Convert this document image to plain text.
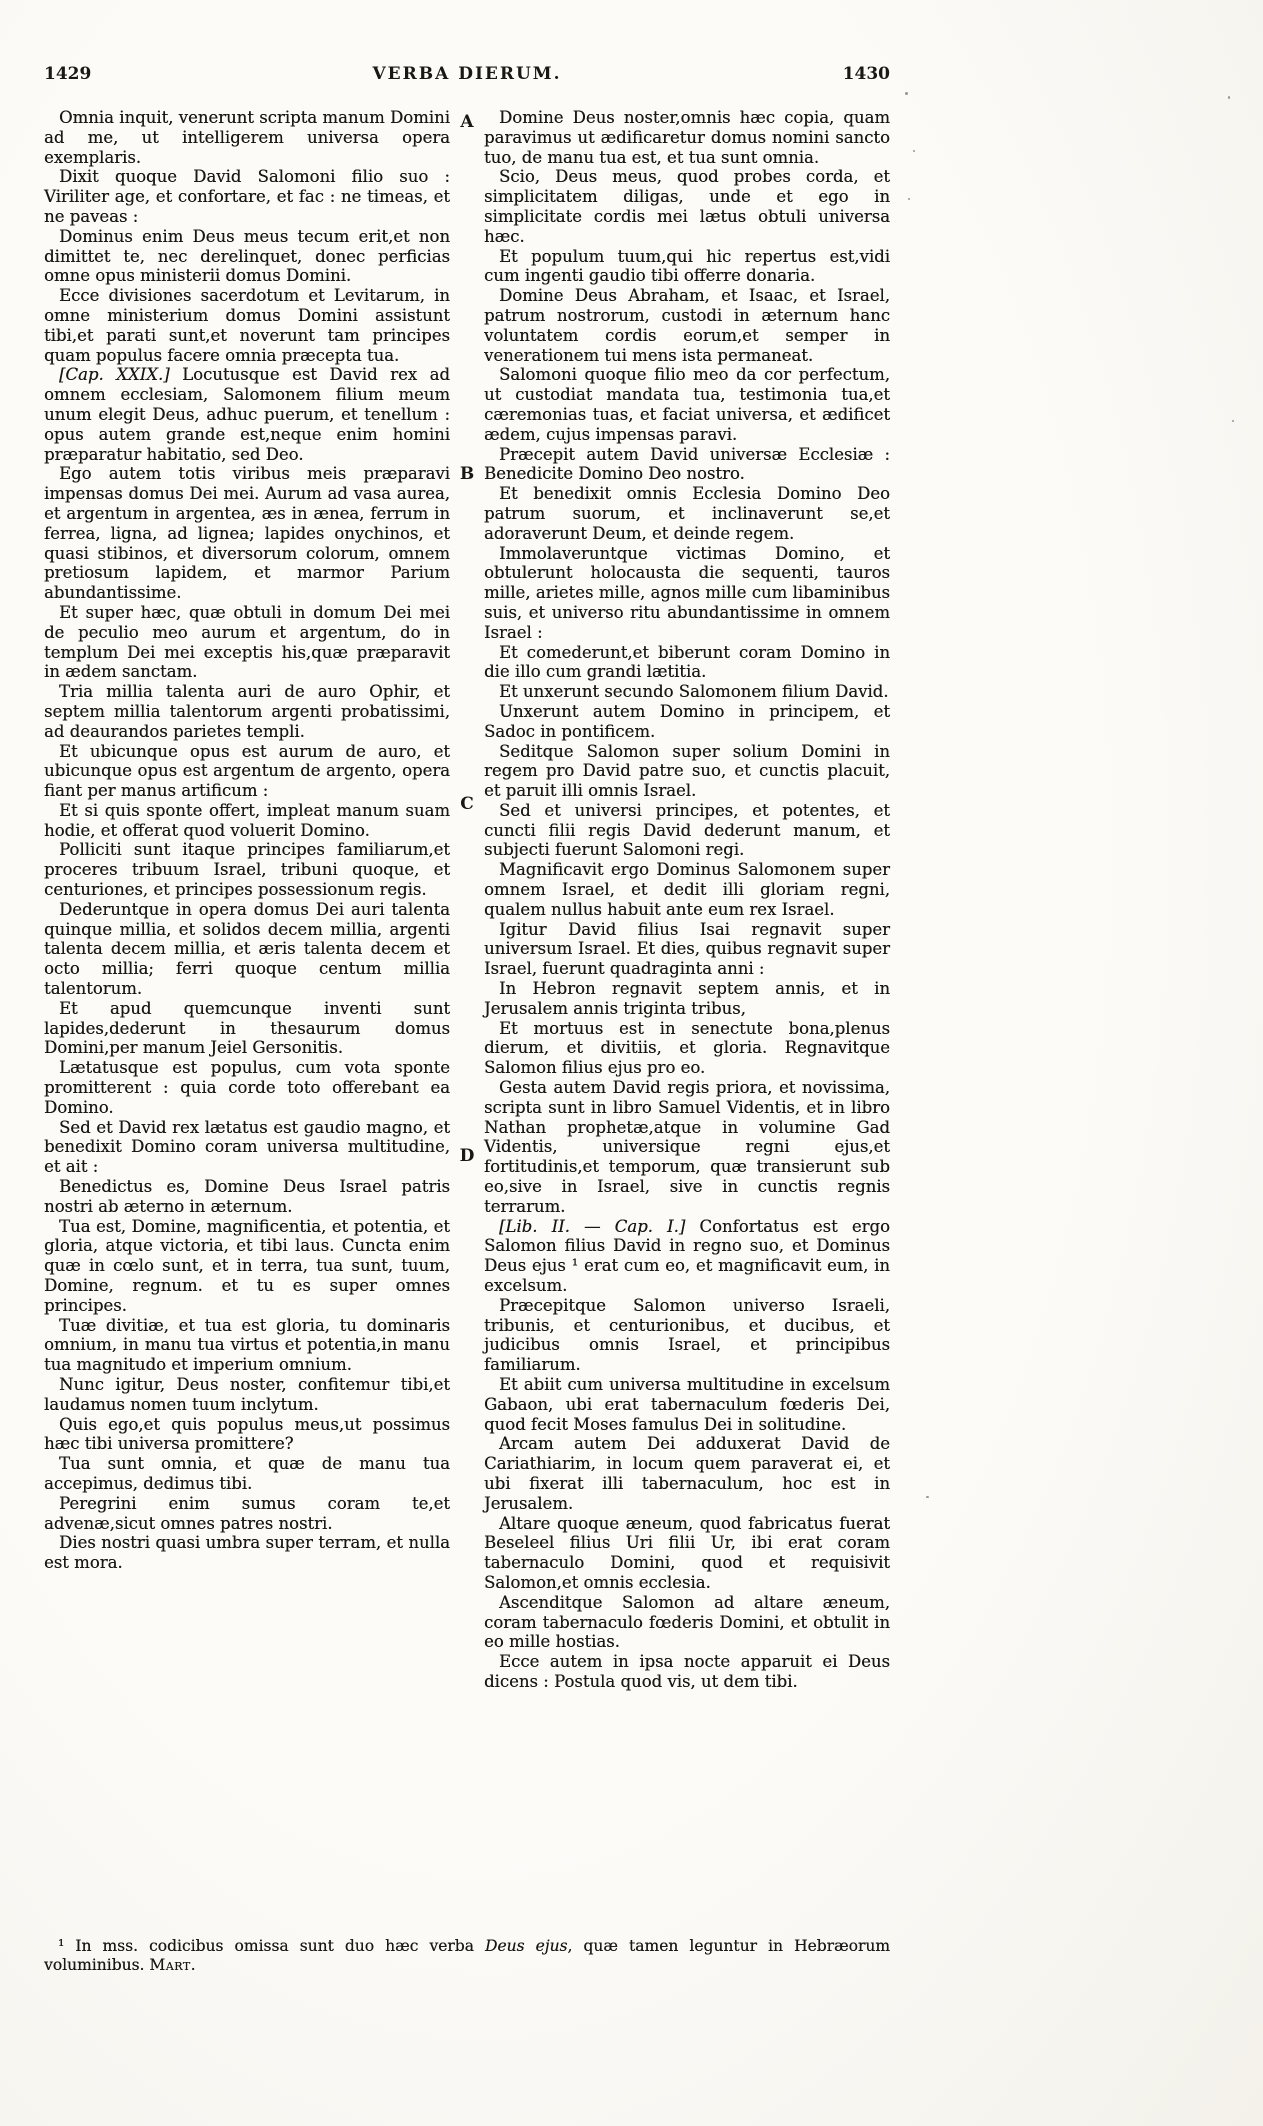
1429	VERBA DIERUM.	1430

Omnia inquit, venerunt scripta manum Domini ad me, ut intelligerem universa opera exemplaris.

Dixit quoque David Salomoni filio suo : Viriliter age, et confortare, et fac : ne timeas, et ne paveas :

Dominus enim Deus meus tecum erit,et non dimittet te, nec derelinquet, donec perficias omne opus ministerii domus Domini.

Ecce divisiones sacerdotum et Levitarum, in omne ministerium domus Domini assistunt tibi,et parati sunt,et noverunt tam principes quam populus facere omnia præcepta tua.

[Cap. XXIX.] Locutusque est David rex ad omnem ecclesiam, Salomonem filium meum unum elegit Deus, adhuc puerum, et tenellum : opus autem grande est,neque enim homini præparatur habitatio, sed Deo.

Ego autem totis viribus meis præparavi impensas domus Dei mei. Aurum ad vasa aurea, et argentum in argentea, æs in ænea, ferrum in ferrea, ligna, ad lignea; lapides onychinos, et quasi stibinos, et diversorum colorum, omnem pretiosum lapidem, et marmor Parium abundantissime.

Et super hæc, quæ obtuli in domum Dei mei de peculio meo aurum et argentum, do in templum Dei mei exceptis his,quæ præparavit in ædem sanctam.

Tria millia talenta auri de auro Ophir, et septem millia talentorum argenti probatissimi, ad deaurandos parietes templi.

Et ubicunque opus est aurum de auro, et ubicunque opus est argentum de argento, opera fiant per manus artificum :

Et si quis sponte offert, impleat manum suam hodie, et offerat quod voluerit Domino.

Polliciti sunt itaque principes familiarum,et proceres tribuum Israel, tribuni quoque, et centuriones, et principes possessionum regis.

Dederuntque in opera domus Dei auri talenta quinque millia, et solidos decem millia, argenti talenta decem millia, et æris talenta decem et octo millia; ferri quoque centum millia talentorum.

Et apud quemcunque inventi sunt lapides,dederunt in thesaurum domus Domini,per manum Jeiel Gersonitis.

Lætatusque est populus, cum vota sponte promitterent : quia corde toto offerebant ea Domino.

Sed et David rex lætatus est gaudio magno, et benedixit Domino coram universa multitudine, et ait :

Benedictus es, Domine Deus Israel patris nostri ab æterno in æternum.

Tua est, Domine, magnificentia, et potentia, et gloria, atque victoria, et tibi laus. Cuncta enim quæ in cœlo sunt, et in terra, tua sunt, tuum, Domine, regnum. et tu es super omnes principes.

Tuæ divitiæ, et tua est gloria, tu dominaris omnium, in manu tua virtus et potentia,in manu tua magnitudo et imperium omnium.

Nunc igitur, Deus noster, confitemur tibi,et laudamus nomen tuum inclytum.

Quis ego,et quis populus meus,ut possimus hæc tibi universa promittere?

Tua sunt omnia, et quæ de manu tua accepimus, dedimus tibi.

Peregrini enim sumus coram te,et advenæ,sicut omnes patres nostri.

Dies nostri quasi umbra super terram, et nulla est mora.

A
B
C
D

Domine Deus noster,omnis hæc copia, quam paravimus ut ædificaretur domus nomini sancto tuo, de manu tua est, et tua sunt omnia.

Scio, Deus meus, quod probes corda, et simplicitatem diligas, unde et ego in simplicitate cordis mei lætus obtuli universa hæc.

Et populum tuum,qui hic repertus est,vidi cum ingenti gaudio tibi offerre donaria.

Domine Deus Abraham, et Isaac, et Israel, patrum nostrorum, custodi in æternum hanc voluntatem cordis eorum,et semper in venerationem tui mens ista permaneat.

Salomoni quoque filio meo da cor perfectum, ut custodiat mandata tua, testimonia tua,et cæremonias tuas, et faciat universa, et ædificet ædem, cujus impensas paravi.

Præcepit autem David universæ Ecclesiæ : Benedicite Domino Deo nostro.

Et benedixit omnis Ecclesia Domino Deo patrum suorum, et inclinaverunt se,et adoraverunt Deum, et deinde regem.

Immolaveruntque victimas Domino, et obtulerunt holocausta die sequenti, tauros mille, arietes mille, agnos mille cum libaminibus suis, et universo ritu abundantissime in omnem Israel :

Et comederunt,et biberunt coram Domino in die illo cum grandi lætitia.

Et unxerunt secundo Salomonem filium David.

Unxerunt autem Domino in principem, et Sadoc in pontificem.

Seditque Salomon super solium Domini in regem pro David patre suo, et cunctis placuit, et paruit illi omnis Israel.

Sed et universi principes, et potentes, et cuncti filii regis David dederunt manum, et subjecti fuerunt Salomoni regi.

Magnificavit ergo Dominus Salomonem super omnem Israel, et dedit illi gloriam regni, qualem nullus habuit ante eum rex Israel.

Igitur David filius Isai regnavit super universum Israel. Et dies, quibus regnavit super Israel, fuerunt quadraginta anni :

In Hebron regnavit septem annis, et in Jerusalem annis triginta tribus,

Et mortuus est in senectute bona,plenus dierum, et divitiis, et gloria. Regnavitque Salomon filius ejus pro eo.

Gesta autem David regis priora, et novissima, scripta sunt in libro Samuel Videntis, et in libro Nathan prophetæ,atque in volumine Gad Videntis, universique regni ejus,et fortitudinis,et temporum, quæ transierunt sub eo,sive in Israel, sive in cunctis regnis terrarum.

[Lib. II. — Cap. I.] Confortatus est ergo Salomon filius David in regno suo, et Dominus Deus ejus ¹ erat cum eo, et magnificavit eum, in excelsum.

Præcepitque Salomon universo Israeli, tribunis, et centurionibus, et ducibus, et judicibus omnis Israel, et principibus familiarum.

Et abiit cum universa multitudine in excelsum Gabaon, ubi erat tabernaculum fœderis Dei, quod fecit Moses famulus Dei in solitudine.

Arcam autem Dei adduxerat David de Cariathiarim, in locum quem paraverat ei, et ubi fixerat illi tabernaculum, hoc est in Jerusalem.

Altare quoque æneum, quod fabricatus fuerat Beseleel filius Uri filii Ur, ibi erat coram tabernaculo Domini, quod et requisivit Salomon,et omnis ecclesia.

Ascenditque Salomon ad altare æneum, coram tabernaculo fœderis Domini, et obtulit in eo mille hostias.

Ecce autem in ipsa nocte apparuit ei Deus dicens : Postula quod vis, ut dem tibi.

¹ In mss. codicibus omissa sunt duo hæc verba Deus ejus, quæ tamen leguntur in Hebræorum voluminibus. Mart.
